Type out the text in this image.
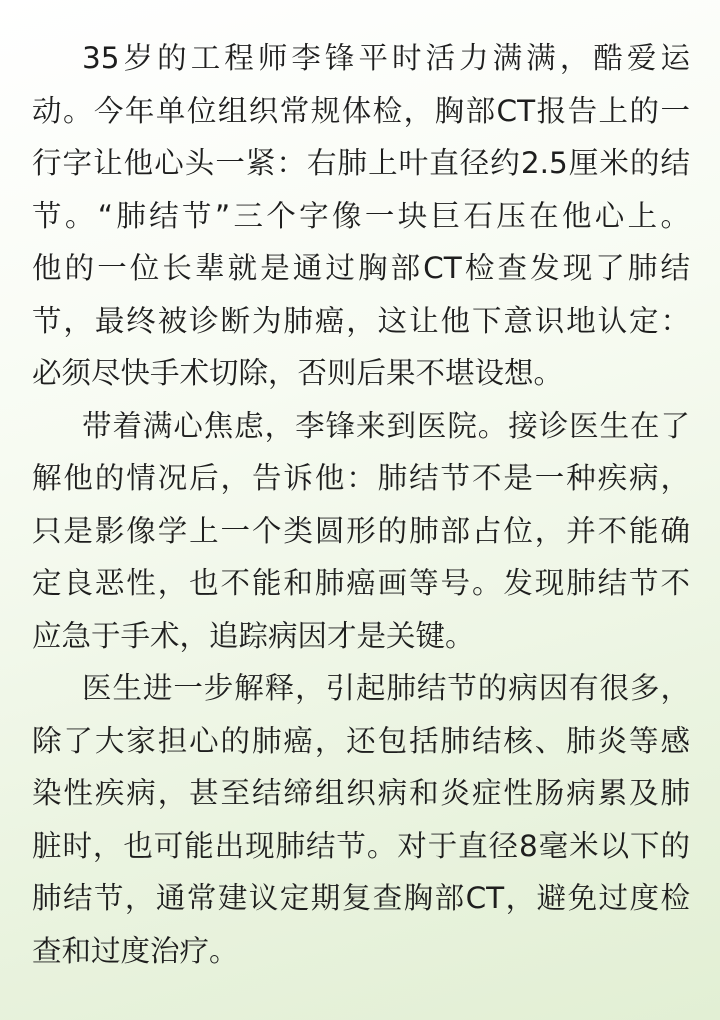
35岁的工程师李锋平时活力满满，酷爱运
动。今年单位组织常规体检，胸部CT报告上的一
行字让他心头一紧：右肺上叶直径约2.5厘米的结
节。“肺结节”三个字像一块巨石压在他心上。
他的一位长辈就是通过胸部CT检查发现了肺结
节，最终被诊断为肺癌，这让他下意识地认定：
必须尽快手术切除，否则后果不堪设想。
带着满心焦虑，李锋来到医院。接诊医生在了
解他的情况后，告诉他：肺结节不是一种疾病，
只是影像学上一个类圆形的肺部占位，并不能确
定良恶性，也不能和肺癌画等号。发现肺结节不
应急于手术，追踪病因才是关键。
医生进一步解释，引起肺结节的病因有很多，
除了大家担心的肺癌，还包括肺结核、肺炎等感
染性疾病，甚至结缔组织病和炎症性肠病累及肺
脏时，也可能出现肺结节。对于直径8毫米以下的
肺结节，通常建议定期复查胸部CT，避免过度检
查和过度治疗。
